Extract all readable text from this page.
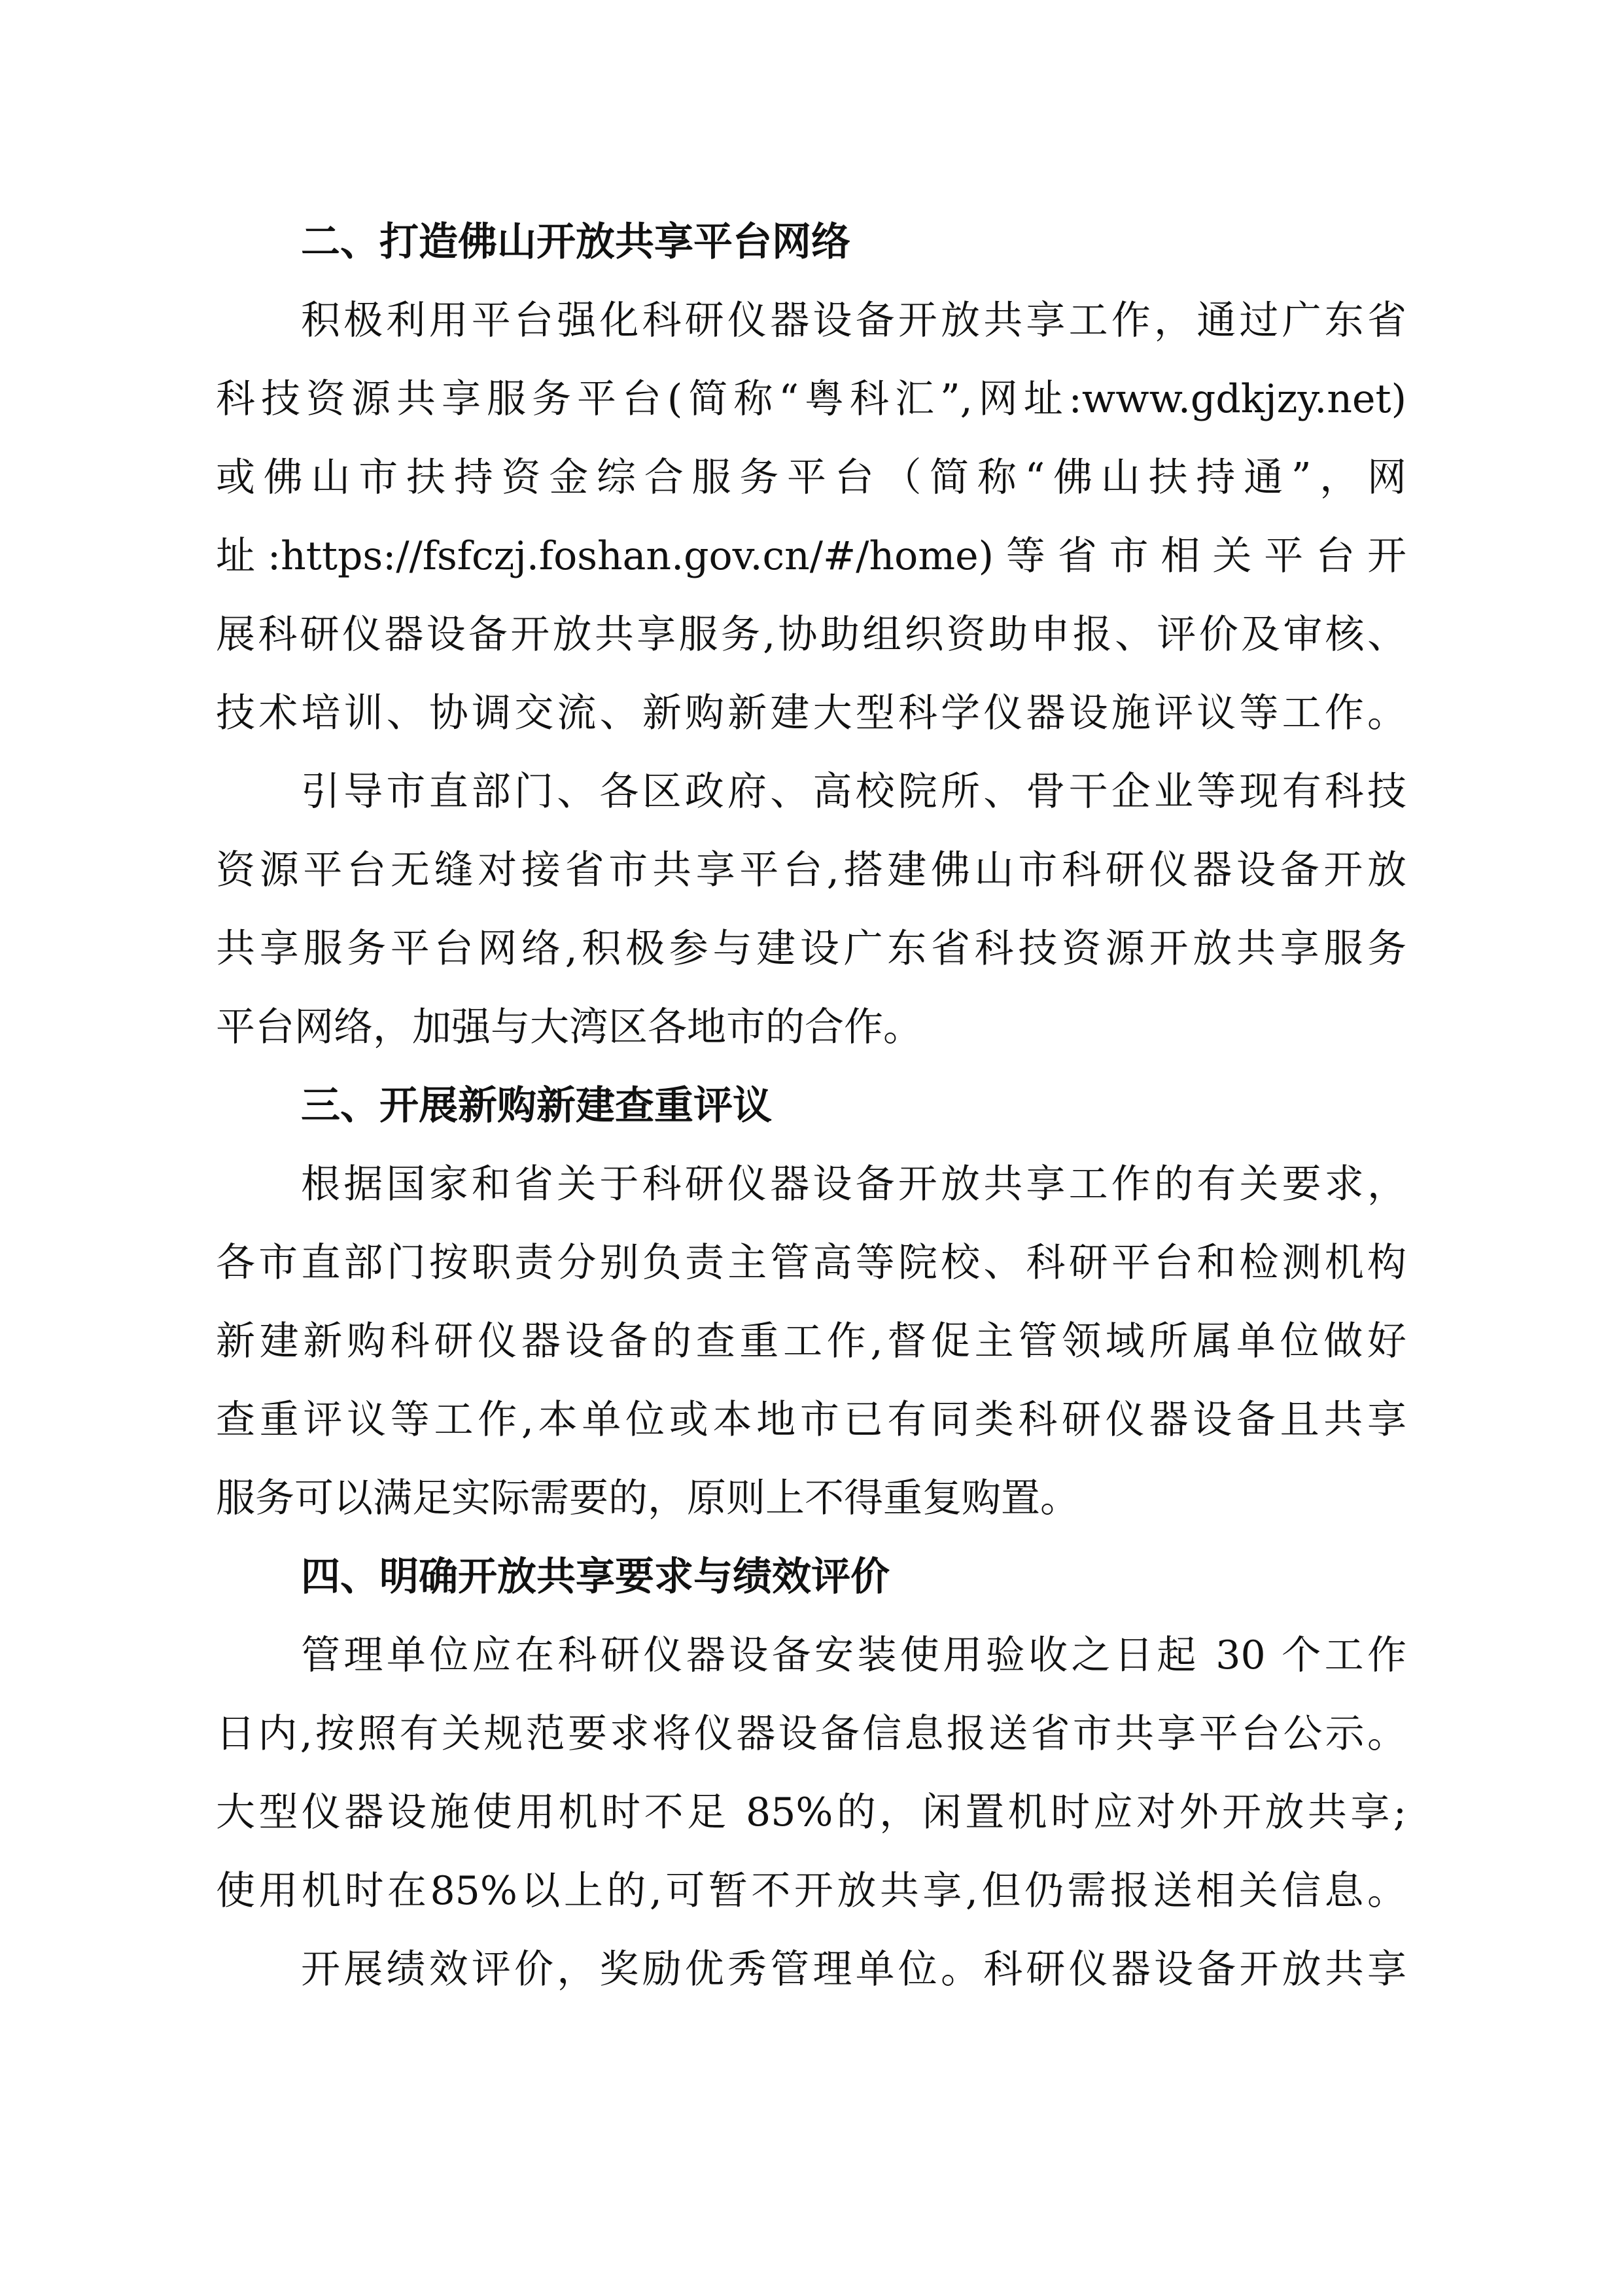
二、打造佛山开放共享平台网络
积极利用平台强化科研仪器设备开放共享工作，通过广东省
科技资源共享服务平台(简称“粤科汇”,网址:www.gdkjzy.net)
或佛山市扶持资金综合服务平台（简称“佛山扶持通”，网
址:https://fsfczj.foshan.gov.cn/#/home)等省市相关平台开
展科研仪器设备开放共享服务,协助组织资助申报、评价及审核、
技术培训、协调交流、新购新建大型科学仪器设施评议等工作。
引导市直部门、各区政府、高校院所、骨干企业等现有科技
资源平台无缝对接省市共享平台,搭建佛山市科研仪器设备开放
共享服务平台网络,积极参与建设广东省科技资源开放共享服务
平台网络，加强与大湾区各地市的合作。
三、开展新购新建查重评议
根据国家和省关于科研仪器设备开放共享工作的有关要求，
各市直部门按职责分别负责主管高等院校、科研平台和检测机构
新建新购科研仪器设备的查重工作,督促主管领域所属单位做好
查重评议等工作,本单位或本地市已有同类科研仪器设备且共享
服务可以满足实际需要的，原则上不得重复购置。
四、明确开放共享要求与绩效评价
管理单位应在科研仪器设备安装使用验收之日起 30 个工作
日内,按照有关规范要求将仪器设备信息报送省市共享平台公示。
大型仪器设施使用机时不足 85%的，闲置机时应对外开放共享;
使用机时在85%以上的,可暂不开放共享,但仍需报送相关信息。
开展绩效评价，奖励优秀管理单位。科研仪器设备开放共享
